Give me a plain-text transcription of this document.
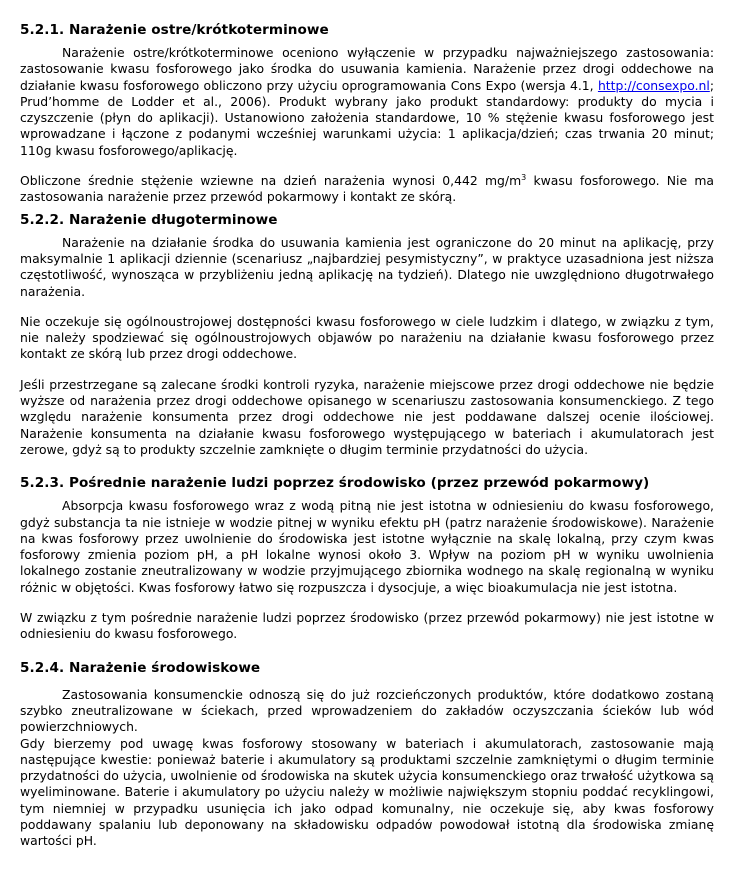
5.2.1. Narażenie ostre/krótkoterminowe

Narażenie ostre/krótkoterminowe oceniono wyłączenie w przypadku najważniejszego zastosowania: zastosowanie kwasu fosforowego jako środka do usuwania kamienia. Narażenie przez drogi oddechowe na działanie kwasu fosforowego obliczono przy użyciu oprogramowania Cons Expo (wersja 4.1, http://consexpo.nl; Prud’homme de Lodder et al., 2006). Produkt wybrany jako produkt standardowy: produkty do mycia i czyszczenie (płyn do aplikacji). Ustanowiono założenia standardowe, 10 % stężenie kwasu fosforowego jest wprowadzane i łączone z podanymi wcześniej warunkami użycia: 1 aplikacja/dzień; czas trwania 20 minut; 110g kwasu fosforowego/aplikację.

Obliczone średnie stężenie wziewne na dzień narażenia wynosi 0,442 $mg/m^3$ kwasu fosforowego. Nie ma zastosowania narażenie przez przewód pokarmowy i kontakt ze skórą.

5.2.2. Narażenie długoterminowe

Narażenie na działanie środka do usuwania kamienia jest ograniczone do 20 minut na aplikację, przy maksymalnie 1 aplikacji dziennie (scenariusz „najbardziej pesymistyczny”, w praktyce uzasadniona jest niższa częstotliwość, wynosząca w przybliżeniu jedną aplikację na tydzień). Dlatego nie uwzględniono długotrwałego narażenia.

Nie oczekuje się ogólnoustrojowej dostępności kwasu fosforowego w ciele ludzkim i dlatego, w związku z tym, nie należy spodziewać się ogólnoustrojowych objawów po narażeniu na działanie kwasu fosforowego przez kontakt ze skórą lub przez drogi oddechowe.

Jeśli przestrzegane są zalecane środki kontroli ryzyka, narażenie miejscowe przez drogi oddechowe nie będzie wyższe od narażenia przez drogi oddechowe opisanego w scenariuszu zastosowania konsumenckiego. Z tego względu narażenie konsumenta przez drogi oddechowe nie jest poddawane dalszej ocenie ilościowej. Narażenie konsumenta na działanie kwasu fosforowego występującego w bateriach i akumulatorach jest zerowe, gdyż są to produkty szczelnie zamknięte o długim terminie przydatności do użycia.

5.2.3. Pośrednie narażenie ludzi poprzez środowisko (przez przewód pokarmowy)

Absorpcja kwasu fosforowego wraz z wodą pitną nie jest istotna w odniesieniu do kwasu fosforowego, gdyż substancja ta nie istnieje w wodzie pitnej w wyniku efektu pH (patrz narażenie środowiskowe). Narażenie na kwas fosforowy przez uwolnienie do środowiska jest istotne wyłącznie na skalę lokalną, przy czym kwas fosforowy zmienia poziom pH, a pH lokalne wynosi około 3. Wpływ na poziom pH w wyniku uwolnienia lokalnego zostanie zneutralizowany w wodzie przyjmującego zbiornika wodnego na skalę regionalną w wyniku różnic w objętości. Kwas fosforowy łatwo się rozpuszcza i dysocjuje, a więc bioakumulacja nie jest istotna.

W związku z tym pośrednie narażenie ludzi poprzez środowisko (przez przewód pokarmowy) nie jest istotne w odniesieniu do kwasu fosforowego.

5.2.4. Narażenie środowiskowe

Zastosowania konsumenckie odnoszą się do już rozcieńczonych produktów, które dodatkowo zostaną szybko zneutralizowane w ściekach, przed wprowadzeniem do zakładów oczyszczania ścieków lub wód powierzchniowych.

Gdy bierzemy pod uwagę kwas fosforowy stosowany w bateriach i akumulatorach, zastosowanie mają następujące kwestie: ponieważ baterie i akumulatory są produktami szczelnie zamkniętymi o długim terminie przydatności do użycia, uwolnienie od środowiska na skutek użycia konsumenckiego oraz trwałość użytkowa są wyeliminowane. Baterie i akumulatory po użyciu należy w możliwie największym stopniu poddać recyklingowi, tym niemniej w przypadku usunięcia ich jako odpad komunalny, nie oczekuje się, aby kwas fosforowy poddawany spalaniu lub deponowany na składowisku odpadów powodował istotną dla środowiska zmianę wartości pH.
